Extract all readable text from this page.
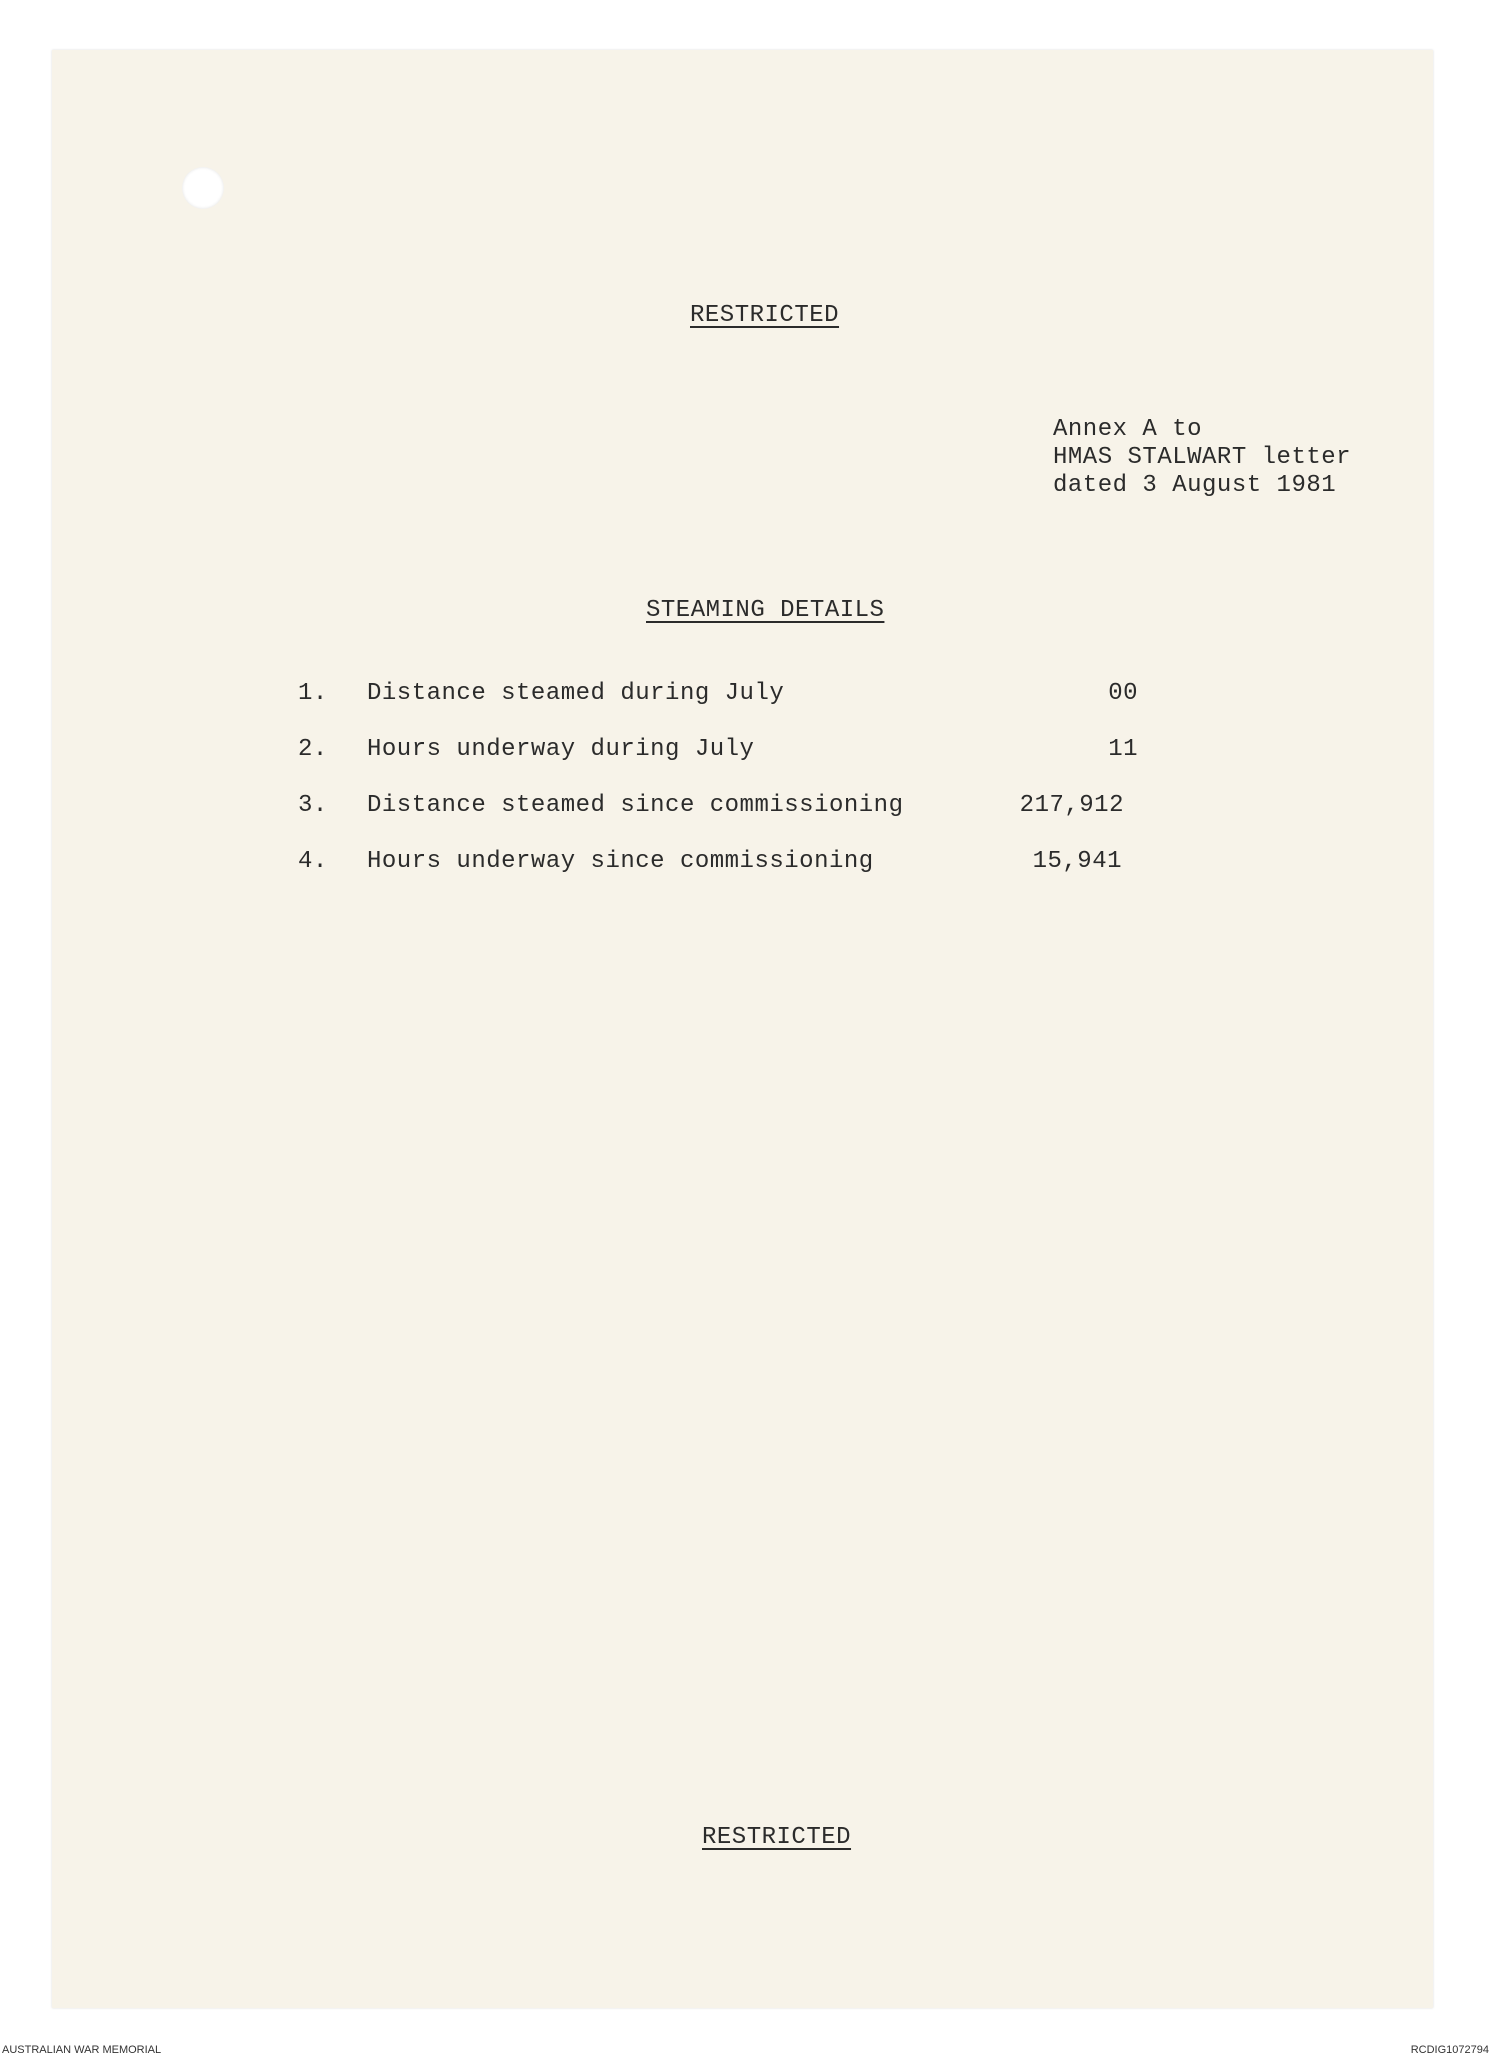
RESTRICTED
Annex A to
HMAS STALWART letter
dated 3 August 1981
STEAMING DETAILS
1. Distance steamed during July	00
2. Hours underway during July	11
3. Distance steamed since commissioning	217,912
4. Hours underway since commissioning	15,941
RESTRICTED
AUSTRALIAN WAR MEMORIAL	RCDIG1072794
